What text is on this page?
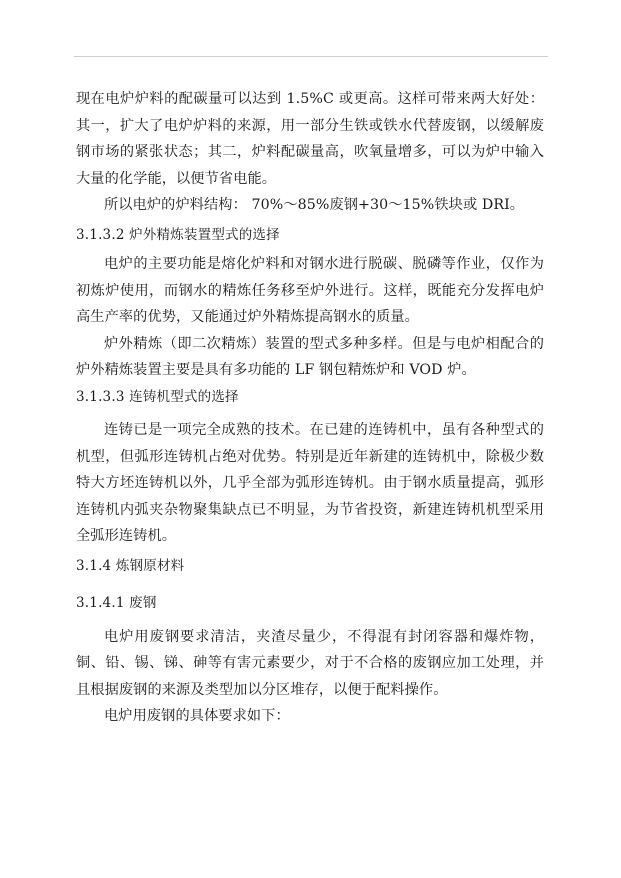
现在电炉炉料的配碳量可以达到 1.5%C 或更高。这样可带来两大好处：其一，扩大了电炉炉料的来源，用一部分生铁或铁水代替废钢，以缓解废钢市场的紧张状态；其二，炉料配碳量高，吹氧量增多，可以为炉中输入大量的化学能，以便节省电能。

所以电炉的炉料结构： 70%～85%废钢+30～15%铁块或 DRI。

3.1.3.2 炉外精炼装置型式的选择

电炉的主要功能是熔化炉料和对钢水进行脱碳、脱磷等作业，仅作为初炼炉使用，而钢水的精炼任务移至炉外进行。这样，既能充分发挥电炉高生产率的优势，又能通过炉外精炼提高钢水的质量。

炉外精炼（即二次精炼）装置的型式多种多样。但是与电炉相配合的炉外精炼装置主要是具有多功能的 LF 钢包精炼炉和 VOD 炉。

3.1.3.3 连铸机型式的选择

连铸已是一项完全成熟的技术。在已建的连铸机中，虽有各种型式的机型，但弧形连铸机占绝对优势。特别是近年新建的连铸机中，除极少数特大方坯连铸机以外，几乎全部为弧形连铸机。由于钢水质量提高，弧形连铸机内弧夹杂物聚集缺点已不明显，为节省投资，新建连铸机机型采用全弧形连铸机。

3.1.4 炼钢原材料

3.1.4.1 废钢

电炉用废钢要求清洁，夹渣尽量少，不得混有封闭容器和爆炸物，铜、铅、锡、锑、砷等有害元素要少，对于不合格的废钢应加工处理，并且根据废钢的来源及类型加以分区堆存，以便于配料操作。

电炉用废钢的具体要求如下：
